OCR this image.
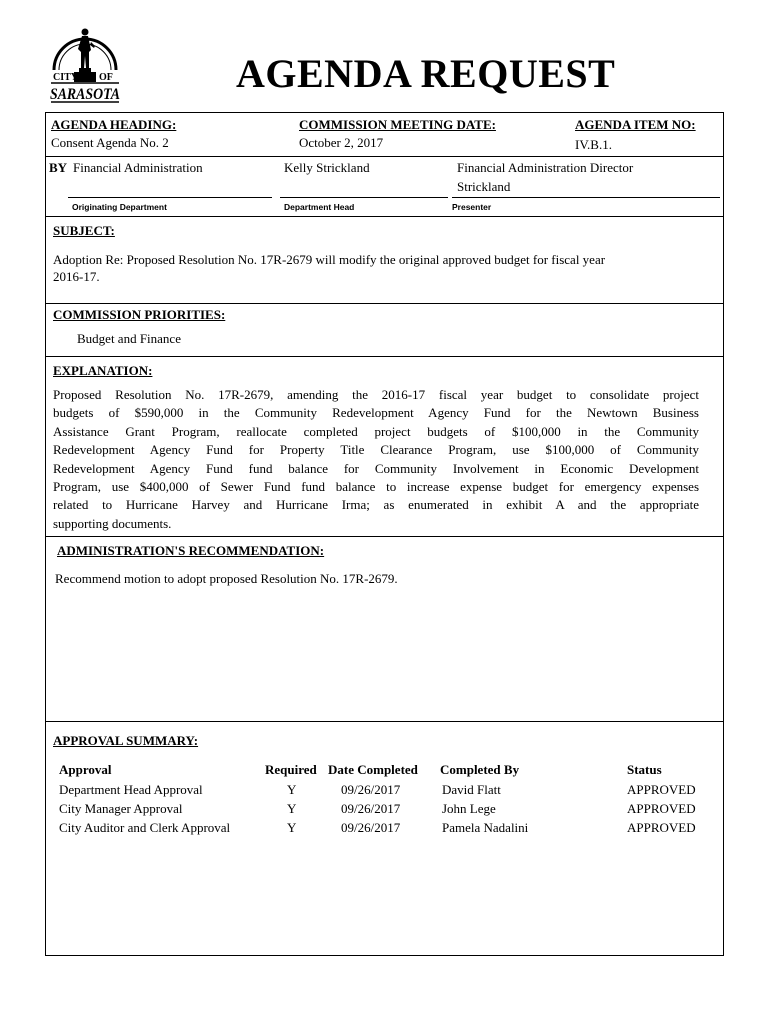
CITY OF
SARASOTA	AGENDA REQUEST
AGENDA HEADING:
Consent Agenda No. 2
COMMISSION MEETING DATE:
October 2, 2017
AGENDA ITEM NO:
IV.B.1.
BY Financial Administration	Kelly Strickland	Financial Administration Director
Strickland
Originating Department	Department Head	Presenter
SUBJECT:
Adoption Re: Proposed Resolution No. 17R-2679 will modify the original approved budget for fiscal year
2016-17.
COMMISSION PRIORITIES:
Budget and Finance
EXPLANATION:
Proposed Resolution No. 17R-2679, amending the 2016-17 fiscal year budget to consolidate project
budgets of $590,000 in the Community Redevelopment Agency Fund for the Newtown Business
Assistance Grant Program, reallocate completed project budgets of $100,000 in the Community
Redevelopment Agency Fund for Property Title Clearance Program, use $100,000 of Community
Redevelopment Agency Fund fund balance for Community Involvement in Economic Development
Program, use $400,000 of Sewer Fund fund balance to increase expense budget for emergency expenses
related to Hurricane Harvey and Hurricane Irma; as enumerated in exhibit A and the appropriate
supporting documents.
ADMINISTRATION'S RECOMMENDATION:
Recommend motion to adopt proposed Resolution No. 17R-2679.
APPROVAL SUMMARY:
Approval	Required	Date Completed	Completed By	Status

Department Head Approval	Y	09/26/2017	David Flatt	APPROVED
City Manager Approval	Y	09/26/2017	John Lege	APPROVED
City Auditor and Clerk Approval	Y	09/26/2017	Pamela Nadalini	APPROVED
